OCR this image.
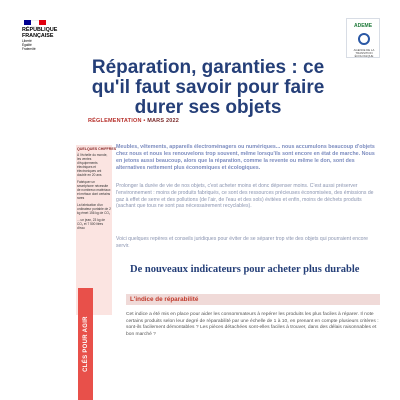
RÉPUBLIQUE
FRANÇAISE
Liberté
Égalité
Fraternité
ADEME
AGENCE DE LA TRANSITION ÉCOLOGIQUE
Réparation, garanties : ce qu'il faut savoir pour faire durer ses objets
RÉGLEMENTATION • MARS 2022
QUELQUES CHIFFRES

À l'échelle du monde, les ventes d'équipements électriques et électroniques ont doublé en 20 ans

Fabriquer un smartphone nécessite de nombreux matériaux et métaux dont certains rares

La fabrication d'un ordinateur portable de 2 kg émet 156 kg de CO₂

... un jean, 23 kg de CO₂ et 7 500 litres d'eau

CLÉS POUR AGIR
Meubles, vêtements, appareils électroménagers ou numériques... nous accumulons beaucoup d'objets chez nous et nous les renouvelons trop souvent, même lorsqu'ils sont encore en état de marche. Nous en jetons aussi beaucoup, alors que la réparation, comme la revente ou même le don, sont des alternatives nettement plus économiques et écologiques.
Prolonger la durée de vie de nos objets, c'est acheter moins et donc dépenser moins. C'est aussi préserver l'environnement : moins de produits fabriqués, ce sont des ressources précieuses économisées, des émissions de gaz à effet de serre et des pollutions (de l'air, de l'eau et des sols) évitées et enfin, moins de déchets produits (sachant que tous ne sont pas nécessairement recyclables).
Voici quelques repères et conseils juridiques pour éviter de se séparer trop vite des objets qui pourraient encore servir.
De nouveaux indicateurs pour acheter plus durable
L'indice de réparabilité
Cet indice a été mis en place pour aider les consommateurs à repérer les produits les plus faciles à réparer. Il note certains produits selon leur degré de réparabilité par une échelle de 1 à 10, en prenant en compte plusieurs critères : sont-ils facilement démontables ? Les pièces détachées sont-elles faciles à trouver, dans des délais raisonnables et bon marché ?
